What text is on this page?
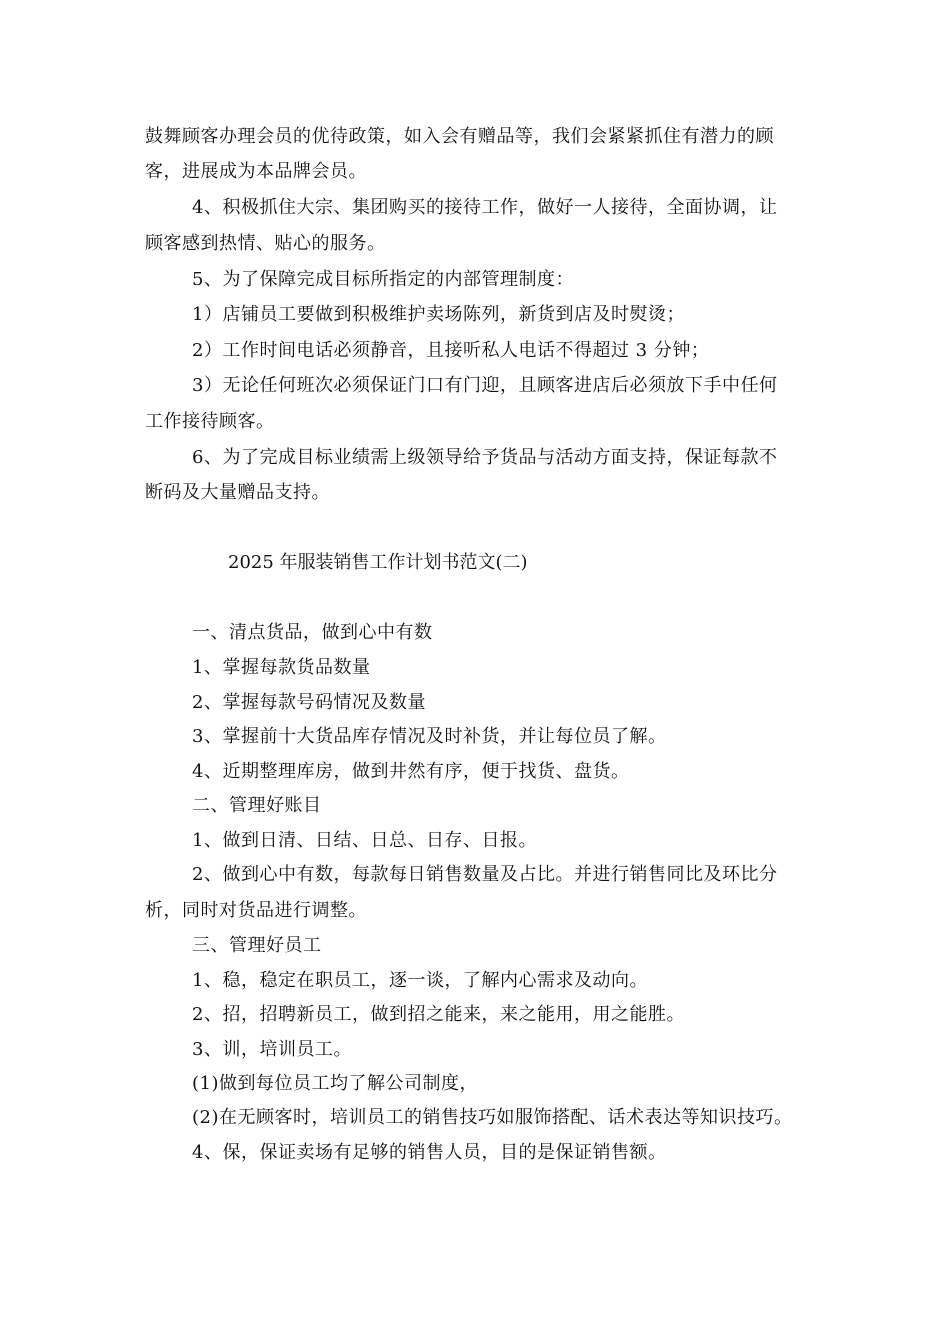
鼓舞顾客办理会员的优待政策，如入会有赠品等，我们会紧紧抓住有潜力的顾
客，进展成为本品牌会员。
4、积极抓住大宗、集团购买的接待工作，做好一人接待，全面协调，让
顾客感到热情、贴心的服务。
5、为了保障完成目标所指定的内部管理制度：
1）店铺员工要做到积极维护卖场陈列，新货到店及时熨烫；
2）工作时间电话必须静音，且接听私人电话不得超过 3 分钟；
3）无论任何班次必须保证门口有门迎，且顾客进店后必须放下手中任何
工作接待顾客。
6、为了完成目标业绩需上级领导给予货品与活动方面支持，保证每款不
断码及大量赠品支持。
2025 年服装销售工作计划书范文(二)
一、清点货品，做到心中有数
1、掌握每款货品数量
2、掌握每款号码情况及数量
3、掌握前十大货品库存情况及时补货，并让每位员了解。
4、近期整理库房，做到井然有序，便于找货、盘货。
二、管理好账目
1、做到日清、日结、日总、日存、日报。
2、做到心中有数，每款每日销售数量及占比。并进行销售同比及环比分
析，同时对货品进行调整。
三、管理好员工
1、稳，稳定在职员工，逐一谈，了解内心需求及动向。
2、招，招聘新员工，做到招之能来，来之能用，用之能胜。
3、训，培训员工。
(1)做到每位员工均了解公司制度，
(2)在无顾客时，培训员工的销售技巧如服饰搭配、话术表达等知识技巧。
4、保，保证卖场有足够的销售人员，目的是保证销售额。
